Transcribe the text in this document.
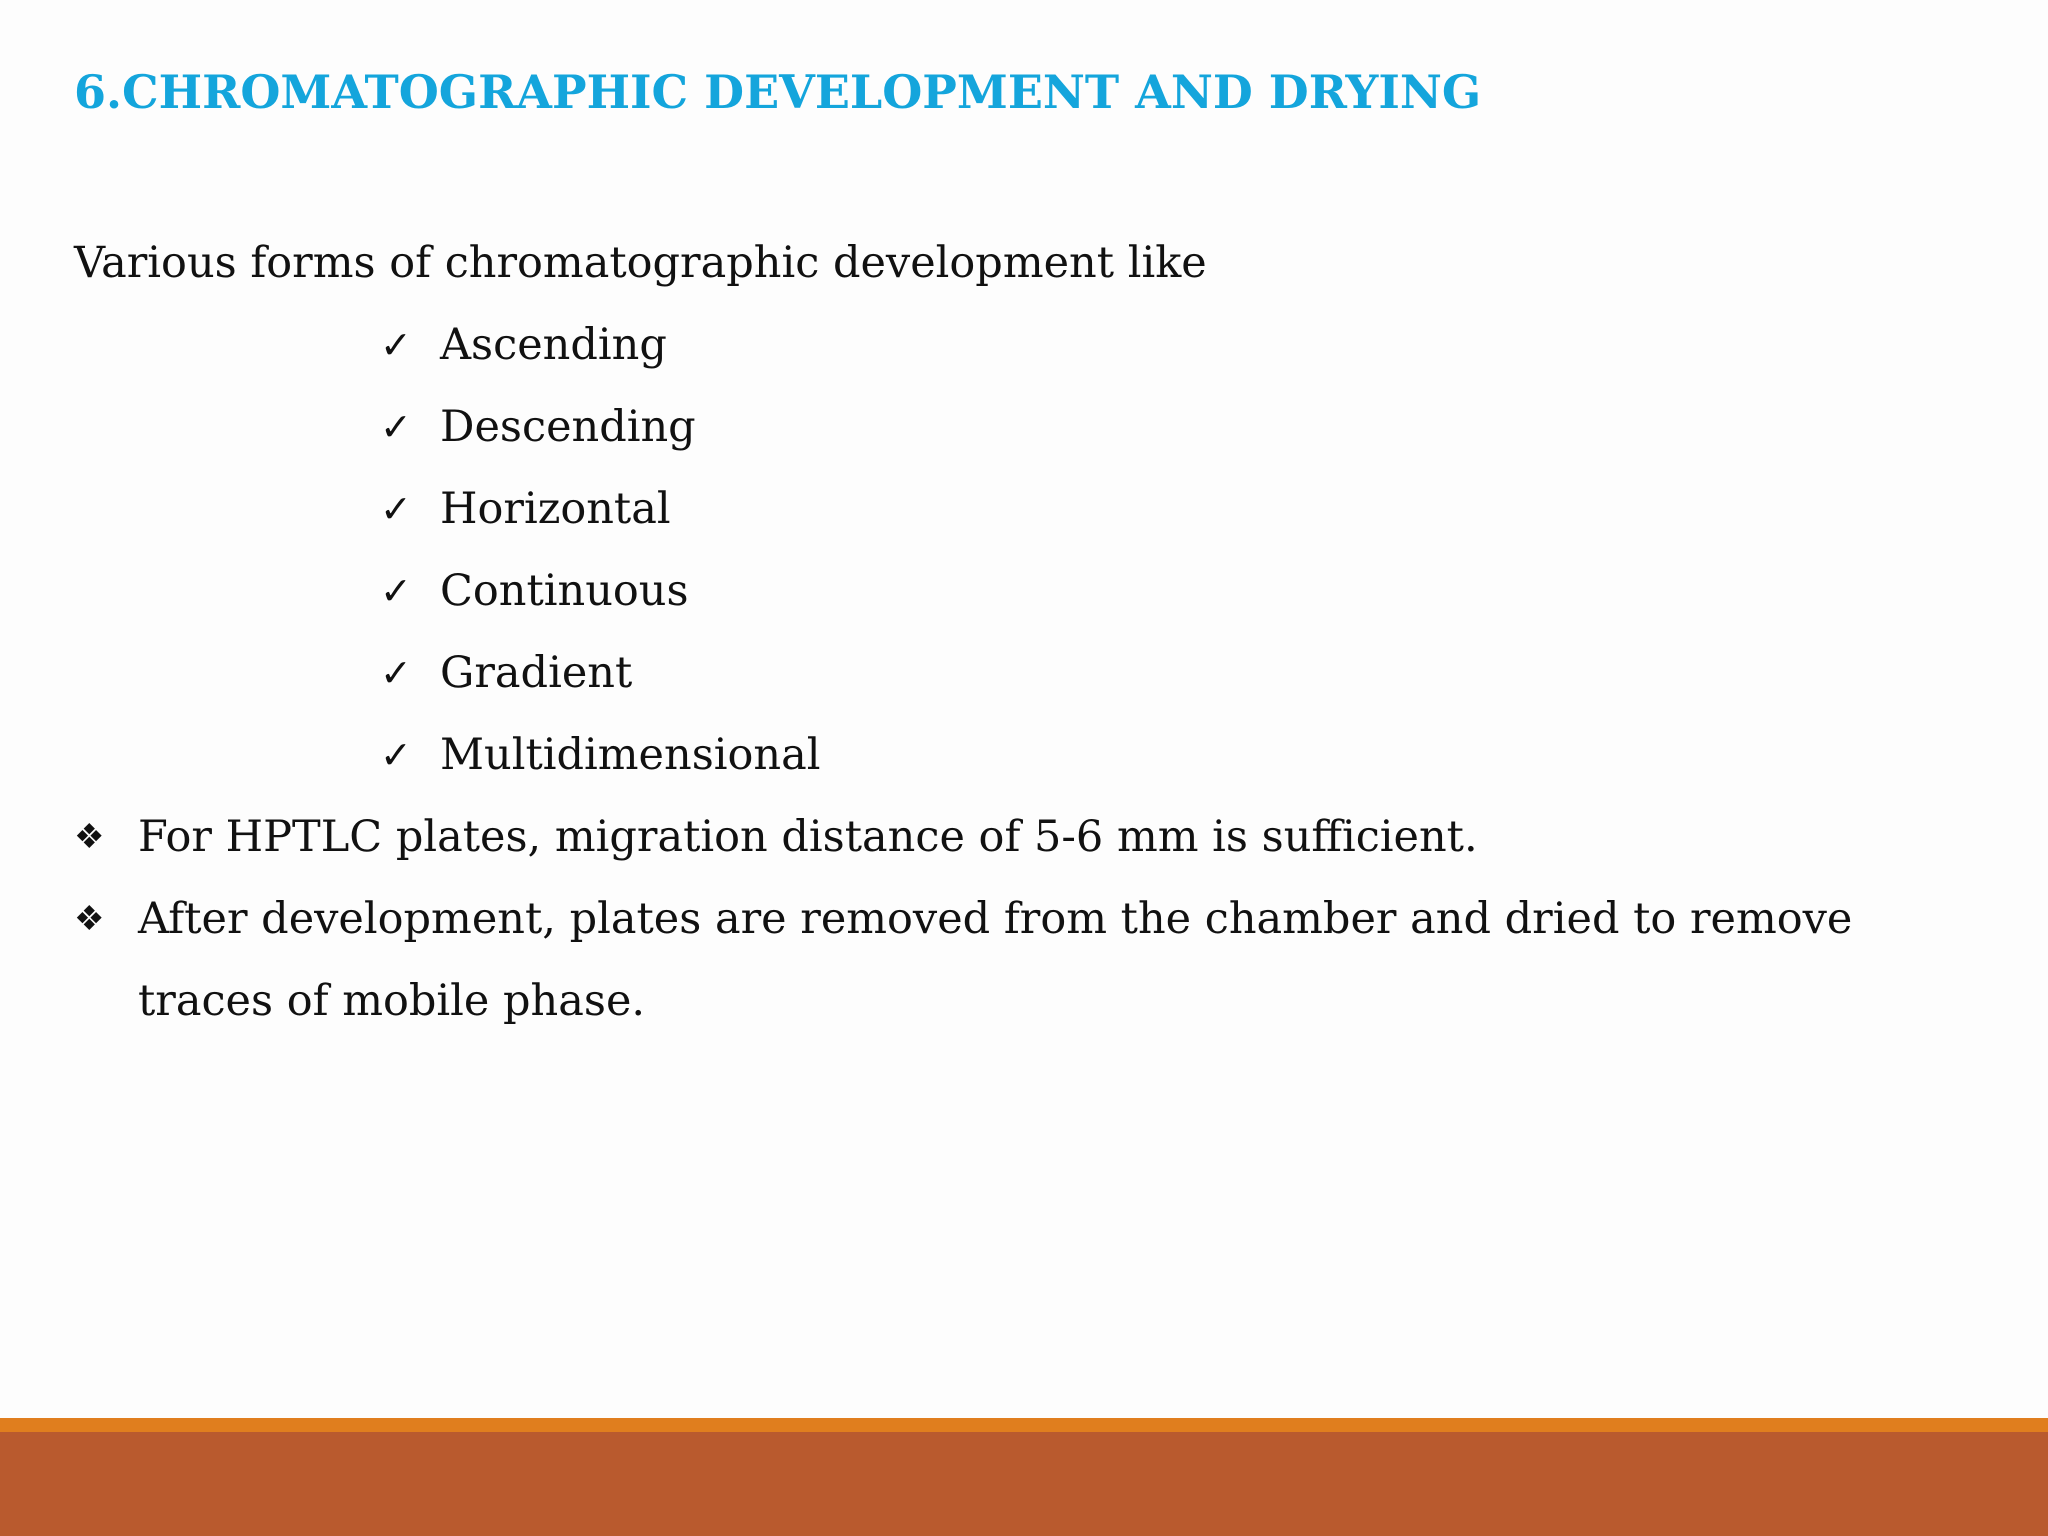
6.CHROMATOGRAPHIC DEVELOPMENT AND DRYING

Various forms of chromatographic development like

✓ Ascending
✓ Descending
✓ Horizontal
✓ Continuous
✓ Gradient
✓ Multidimensional
❖ For HPTLC plates, migration distance of 5-6 mm is sufficient.
❖ After development, plates are removed from the chamber and dried to remove traces of mobile phase.
